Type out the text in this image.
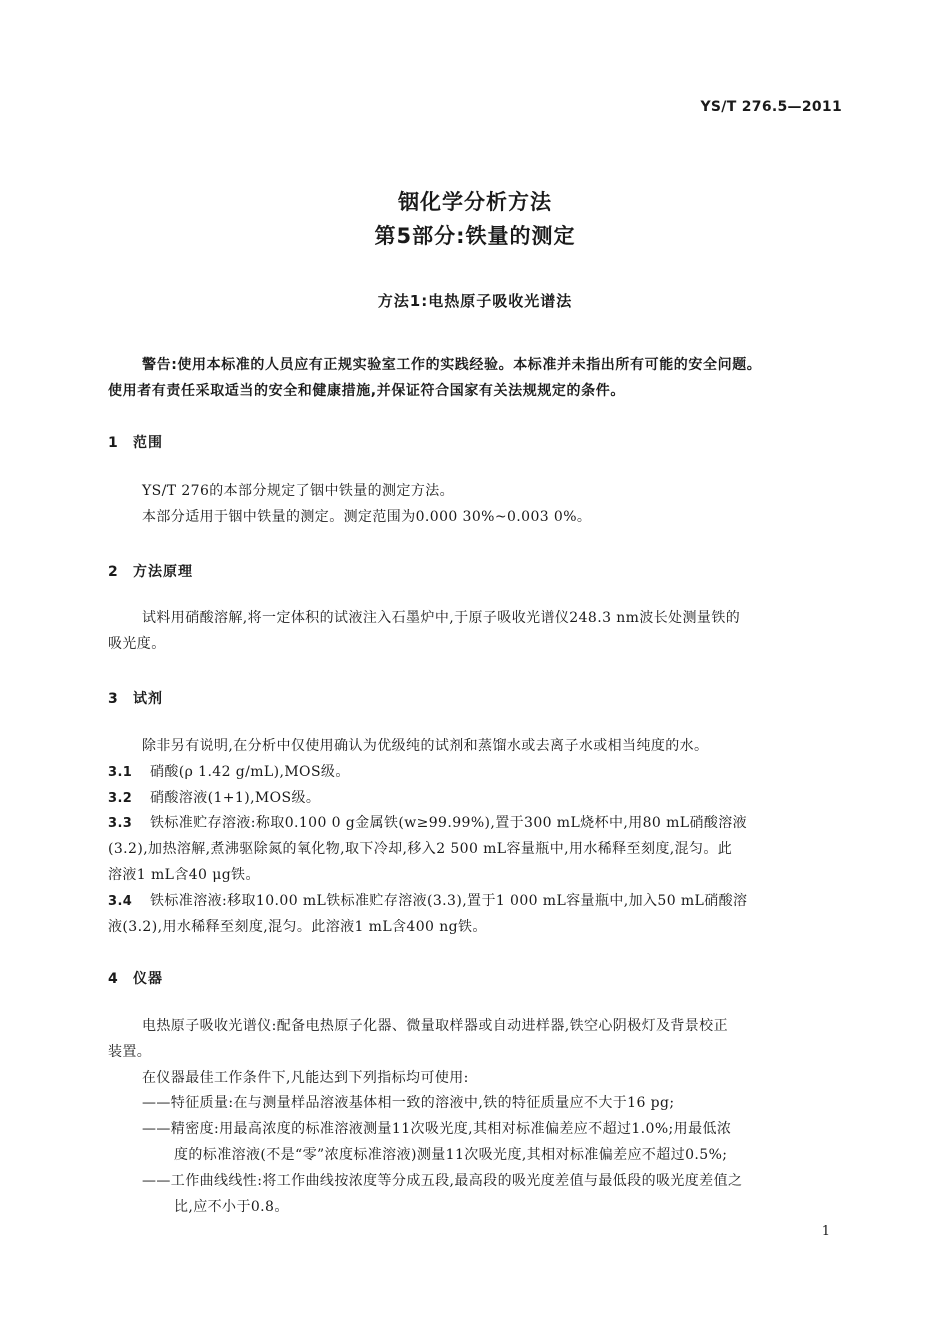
YS/T 276.5—2011
铟化学分析方法
第5部分:铁量的测定
方法1:电热原子吸收光谱法
警告:使用本标准的人员应有正规实验室工作的实践经验。本标准并未指出所有可能的安全问题。
使用者有责任采取适当的安全和健康措施,并保证符合国家有关法规规定的条件。
1 范围
YS/T 276的本部分规定了铟中铁量的测定方法。
本部分适用于铟中铁量的测定。测定范围为0.000 30%~0.003 0%。
2 方法原理
试料用硝酸溶解,将一定体积的试液注入石墨炉中,于原子吸收光谱仪248.3 nm波长处测量铁的
吸光度。
3 试剂
除非另有说明,在分析中仅使用确认为优级纯的试剂和蒸馏水或去离子水或相当纯度的水。
3.1 硝酸(ρ 1.42 g/mL),MOS级。
3.2 硝酸溶液(1+1),MOS级。
3.3 铁标准贮存溶液:称取0.100 0 g金属铁(w≥99.99%),置于300 mL烧杯中,用80 mL硝酸溶液
(3.2),加热溶解,煮沸驱除氮的氧化物,取下冷却,移入2 500 mL容量瓶中,用水稀释至刻度,混匀。此
溶液1 mL含40 μg铁。
3.4 铁标准溶液:移取10.00 mL铁标准贮存溶液(3.3),置于1 000 mL容量瓶中,加入50 mL硝酸溶
液(3.2),用水稀释至刻度,混匀。此溶液1 mL含400 ng铁。
4 仪器
电热原子吸收光谱仪:配备电热原子化器、微量取样器或自动进样器,铁空心阴极灯及背景校正
装置。
在仪器最佳工作条件下,凡能达到下列指标均可使用:
——特征质量:在与测量样品溶液基体相一致的溶液中,铁的特征质量应不大于16 pg;
——精密度:用最高浓度的标准溶液测量11次吸光度,其相对标准偏差应不超过1.0%;用最低浓
度的标准溶液(不是“零”浓度标准溶液)测量11次吸光度,其相对标准偏差应不超过0.5%;
——工作曲线线性:将工作曲线按浓度等分成五段,最高段的吸光度差值与最低段的吸光度差值之
比,应不小于0.8。
1
